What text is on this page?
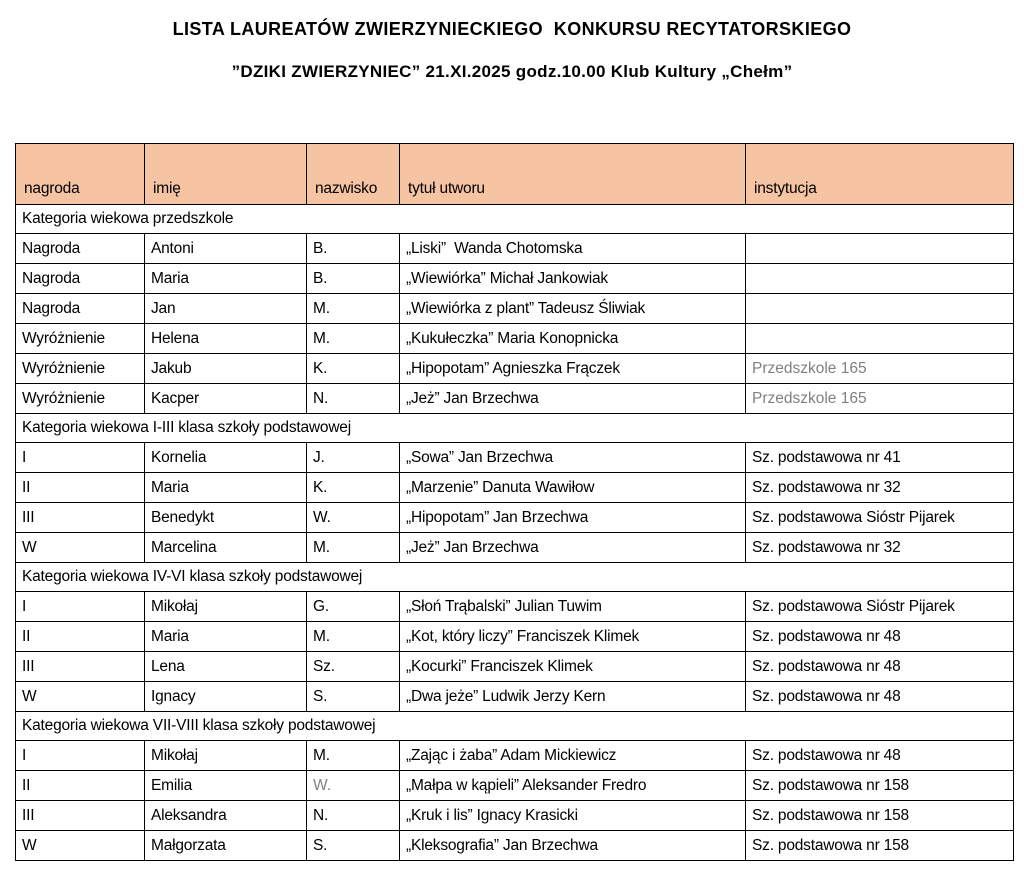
LISTA LAUREATÓW ZWIERZYNIECKIEGO  KONKURSU RECYTATORSKIEGO
”DZIKI ZWIERZYNIEC” 21.XI.2025 godz.10.00 Klub Kultury „Chełm”
nagroda	imię	nazwisko	tytuł utworu	instytucja
Kategoria wiekowa przedszkole				
Nagroda	Antoni	B.	„Liski”  Wanda Chotomska	
Nagroda	Maria	B.	„Wiewiórka” Michał Jankowiak	
Nagroda	Jan	M.	„Wiewiórka z plant” Tadeusz Śliwiak	
Wyróżnienie	Helena	M.	„Kukułeczka” Maria Konopnicka	
Wyróżnienie	Jakub	K.	„Hipopotam” Agnieszka Frączek	Przedszkole 165
Wyróżnienie	Kacper	N.	„Jeż” Jan Brzechwa	Przedszkole 165
Kategoria wiekowa I-III klasa szkoły podstawowej				
I	Kornelia	J.	„Sowa” Jan Brzechwa	Sz. podstawowa nr 41
II	Maria	K.	„Marzenie” Danuta Wawiłow	Sz. podstawowa nr 32
III	Benedykt	W.	„Hipopotam” Jan Brzechwa	Sz. podstawowa Sióstr Pijarek
W	Marcelina	M.	„Jeż” Jan Brzechwa	Sz. podstawowa nr 32
Kategoria wiekowa IV-VI klasa szkoły podstawowej				
I	Mikołaj	G.	„Słoń Trąbalski” Julian Tuwim	Sz. podstawowa Sióstr Pijarek
II	Maria	M.	„Kot, który liczy” Franciszek Klimek	Sz. podstawowa nr 48
III	Lena	Sz.	„Kocurki” Franciszek Klimek	Sz. podstawowa nr 48
W	Ignacy	S.	„Dwa jeże” Ludwik Jerzy Kern	Sz. podstawowa nr 48
Kategoria wiekowa VII-VIII klasa szkoły podstawowej				
I	Mikołaj	M.	„Zając i żaba” Adam Mickiewicz	Sz. podstawowa nr 48
II	Emilia	W.	„Małpa w kąpieli” Aleksander Fredro	Sz. podstawowa nr 158
III	Aleksandra	N.	„Kruk i lis” Ignacy Krasicki	Sz. podstawowa nr 158
W	Małgorzata	S.	„Kleksografia” Jan Brzechwa	Sz. podstawowa nr 158
